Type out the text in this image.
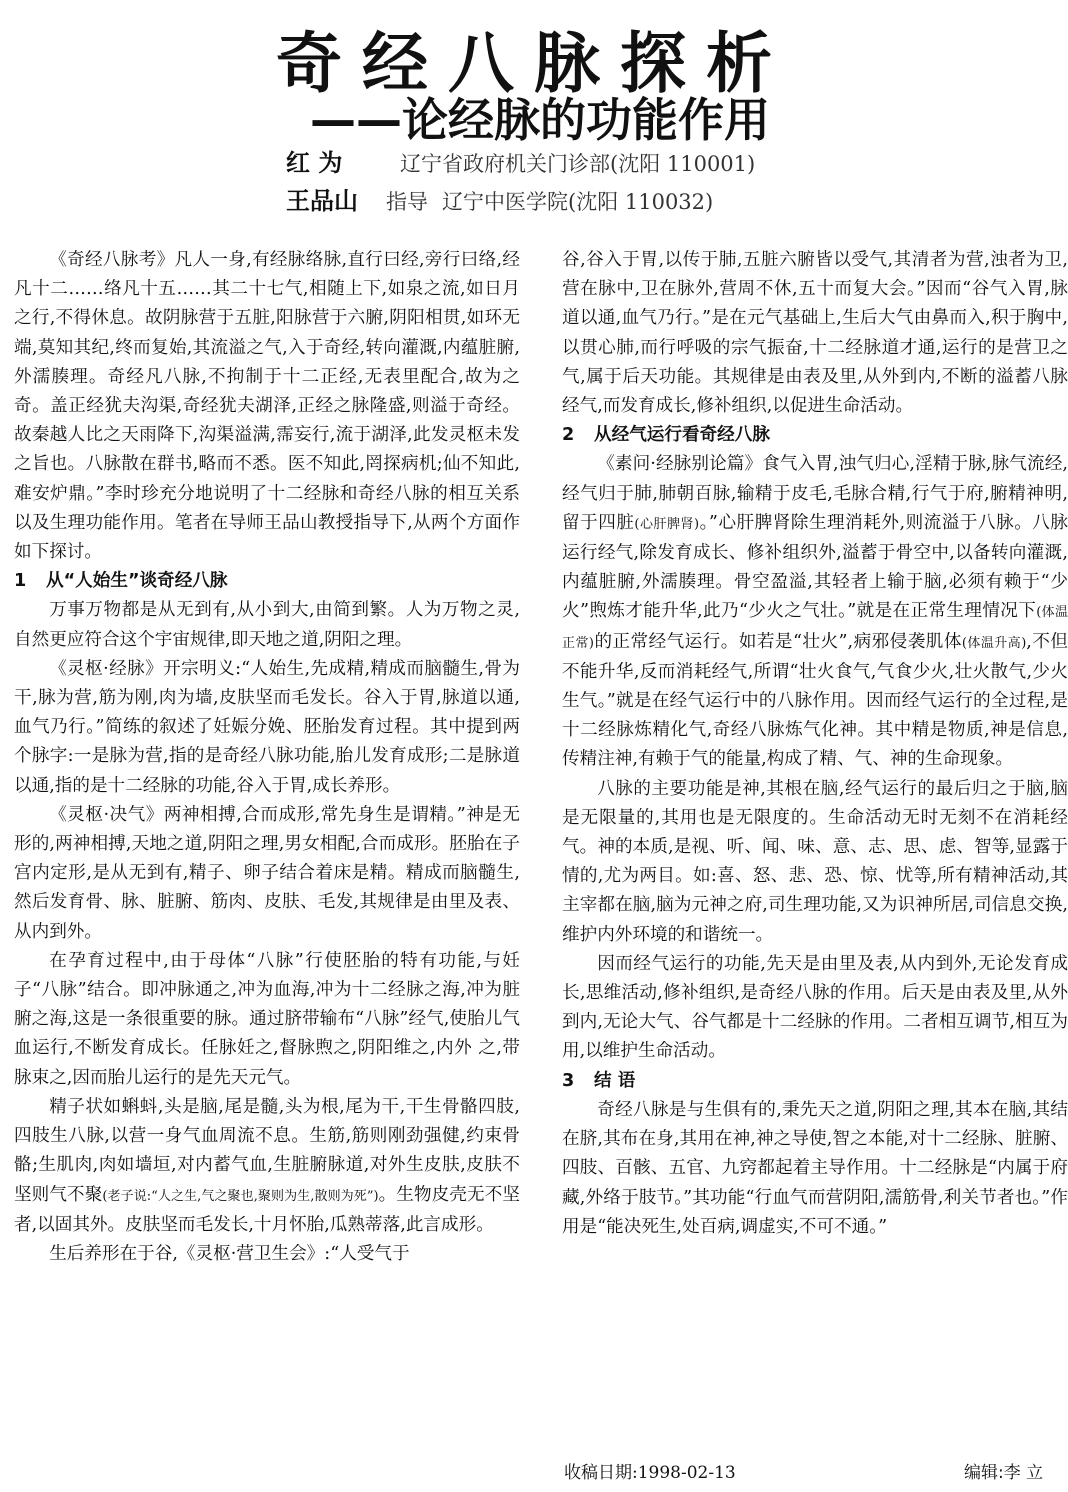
奇经八脉探析
——论经脉的功能作用
红 为	辽宁省政府机关门诊部(沈阳 110001)
王品山 指导 辽宁中医学院(沈阳 110032)

《奇经八脉考》凡人一身,有经脉络脉,直行曰经,旁行曰络,经凡十二……络凡十五……其二十七气,相随上下,如泉之流,如日月之行,不得休息。故阴脉营于五脏,阳脉营于六腑,阴阳相贯,如环无端,莫知其纪,终而复始,其流溢之气,入于奇经,转向灌溉,内蕴脏腑,外濡腠理。奇经凡八脉,不拘制于十二正经,无表里配合,故为之奇。盖正经犹夫沟渠,奇经犹夫湖泽,正经之脉隆盛,则溢于奇经。故秦越人比之天雨降下,沟渠溢满,霈妄行,流于湖泽,此发灵枢未发之旨也。八脉散在群书,略而不悉。医不知此,罔探病机;仙不知此,难安炉鼎。”李时珍充分地说明了十二经脉和奇经八脉的相互关系以及生理功能作用。笔者在导师王品山教授指导下,从两个方面作如下探讨。

1 从“人始生”谈奇经八脉

万事万物都是从无到有,从小到大,由简到繁。人为万物之灵,自然更应符合这个宇宙规律,即天地之道,阴阳之理。

《灵枢·经脉》开宗明义:“人始生,先成精,精成而脑髓生,骨为干,脉为营,筋为刚,肉为墙,皮肤坚而毛发长。谷入于胃,脉道以通,血气乃行。”简练的叙述了妊娠分娩、胚胎发育过程。其中提到两个脉字:一是脉为营,指的是奇经八脉功能,胎儿发育成形;二是脉道以通,指的是十二经脉的功能,谷入于胃,成长养形。

《灵枢·决气》两神相搏,合而成形,常先身生是谓精。”神是无形的,两神相搏,天地之道,阴阳之理,男女相配,合而成形。胚胎在子宫内定形,是从无到有,精子、卵子结合着床是精。精成而脑髓生,然后发育骨、脉、脏腑、筋肉、皮肤、毛发,其规律是由里及表、从内到外。

在孕育过程中,由于母体“八脉”行使胚胎的特有功能,与妊子“八脉”结合。即冲脉通之,冲为血海,冲为十二经脉之海,冲为脏腑之海,这是一条很重要的脉。通过脐带输布“八脉”经气,使胎儿气血运行,不断发育成长。任脉妊之,督脉煦之,阴阳维之,内外 之,带脉束之,因而胎儿运行的是先天元气。

精子状如蝌蚪,头是脑,尾是髓,头为根,尾为干,干生骨骼四肢,四肢生八脉,以营一身气血周流不息。生筋,筋则刚劲强健,约束骨骼;生肌肉,肉如墙垣,对内蓄气血,生脏腑脉道,对外生皮肤,皮肤不坚则气不聚(老子说:“人之生,气之聚也,聚则为生,散则为死”)。生物皮壳无不坚者,以固其外。皮肤坚而毛发长,十月怀胎,瓜熟蒂落,此言成形。

生后养形在于谷,《灵枢·营卫生会》:“人受气于

谷,谷入于胃,以传于肺,五脏六腑皆以受气,其清者为营,浊者为卫,营在脉中,卫在脉外,营周不休,五十而复大会。”因而“谷气入胃,脉道以通,血气乃行。”是在元气基础上,生后大气由鼻而入,积于胸中,以贯心肺,而行呼吸的宗气振奋,十二经脉道才通,运行的是营卫之气,属于后天功能。其规律是由表及里,从外到内,不断的溢蓄八脉经气,而发育成长,修补组织,以促进生命活动。

2 从经气运行看奇经八脉

《素问·经脉别论篇》食气入胃,浊气归心,淫精于脉,脉气流经,经气归于肺,肺朝百脉,输精于皮毛,毛脉合精,行气于府,腑精神明,留于四脏(心肝脾肾)。”心肝脾肾除生理消耗外,则流溢于八脉。八脉运行经气,除发育成长、修补组织外,溢蓄于骨空中,以备转向灌溉,内蕴脏腑,外濡腠理。骨空盈溢,其轻者上输于脑,必须有赖于“少火”煦炼才能升华,此乃“少火之气壮。”就是在正常生理情况下(体温正常)的正常经气运行。如若是“壮火”,病邪侵袭肌体(体温升高),不但不能升华,反而消耗经气,所谓“壮火食气,气食少火,壮火散气,少火生气。”就是在经气运行中的八脉作用。因而经气运行的全过程,是十二经脉炼精化气,奇经八脉炼气化神。其中精是物质,神是信息,传精注神,有赖于气的能量,构成了精、气、神的生命现象。

八脉的主要功能是神,其根在脑,经气运行的最后归之于脑,脑是无限量的,其用也是无限度的。生命活动无时无刻不在消耗经气。神的本质,是视、听、闻、味、意、志、思、虑、智等,显露于情的,尤为两目。如:喜、怒、悲、恐、惊、忧等,所有精神活动,其主宰都在脑,脑为元神之府,司生理功能,又为识神所居,司信息交换,维护内外环境的和谐统一。

因而经气运行的功能,先天是由里及表,从内到外,无论发育成长,思维活动,修补组织,是奇经八脉的作用。后天是由表及里,从外到内,无论大气、谷气都是十二经脉的作用。二者相互调节,相互为用,以维护生命活动。

3 结 语

奇经八脉是与生俱有的,秉先天之道,阴阳之理,其本在脑,其结在脐,其布在身,其用在神,神之导使,智之本能,对十二经脉、脏腑、四肢、百骸、五官、九窍都起着主导作用。十二经脉是“内属于府藏,外络于肢节。”其功能“行血气而营阴阳,濡筋骨,利关节者也。”作用是“能决死生,处百病,调虚实,不可不通。”

收稿日期:1998-02-13	编辑:李 立
